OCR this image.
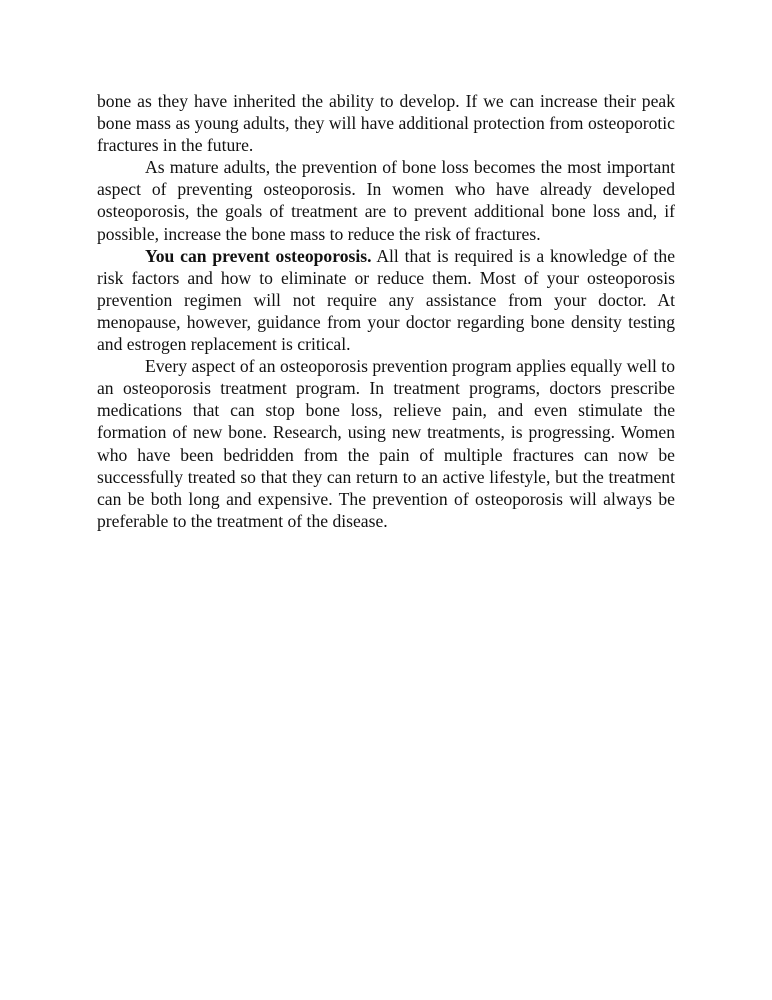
bone as they have inherited the ability to develop. If we can increase their peak bone mass as young adults, they will have additional protection from osteoporotic fractures in the future.

As mature adults, the prevention of bone loss becomes the most important aspect of preventing osteoporosis. In women who have already developed osteoporosis, the goals of treatment are to prevent additional bone loss and, if possible, increase the bone mass to reduce the risk of fractures.

You can prevent osteoporosis. All that is required is a knowledge of the risk factors and how to eliminate or reduce them. Most of your osteoporosis prevention regimen will not require any assistance from your doctor. At menopause, however, guidance from your doctor regarding bone density testing and estrogen replacement is critical.

Every aspect of an osteoporosis prevention program applies equally well to an osteoporosis treatment program. In treatment programs, doctors prescribe medications that can stop bone loss, relieve pain, and even stimulate the formation of new bone. Research, using new treatments, is progressing. Women who have been bedridden from the pain of multiple fractures can now be successfully treated so that they can return to an active lifestyle, but the treatment can be both long and expensive. The prevention of osteoporosis will always be preferable to the treatment of the disease.
